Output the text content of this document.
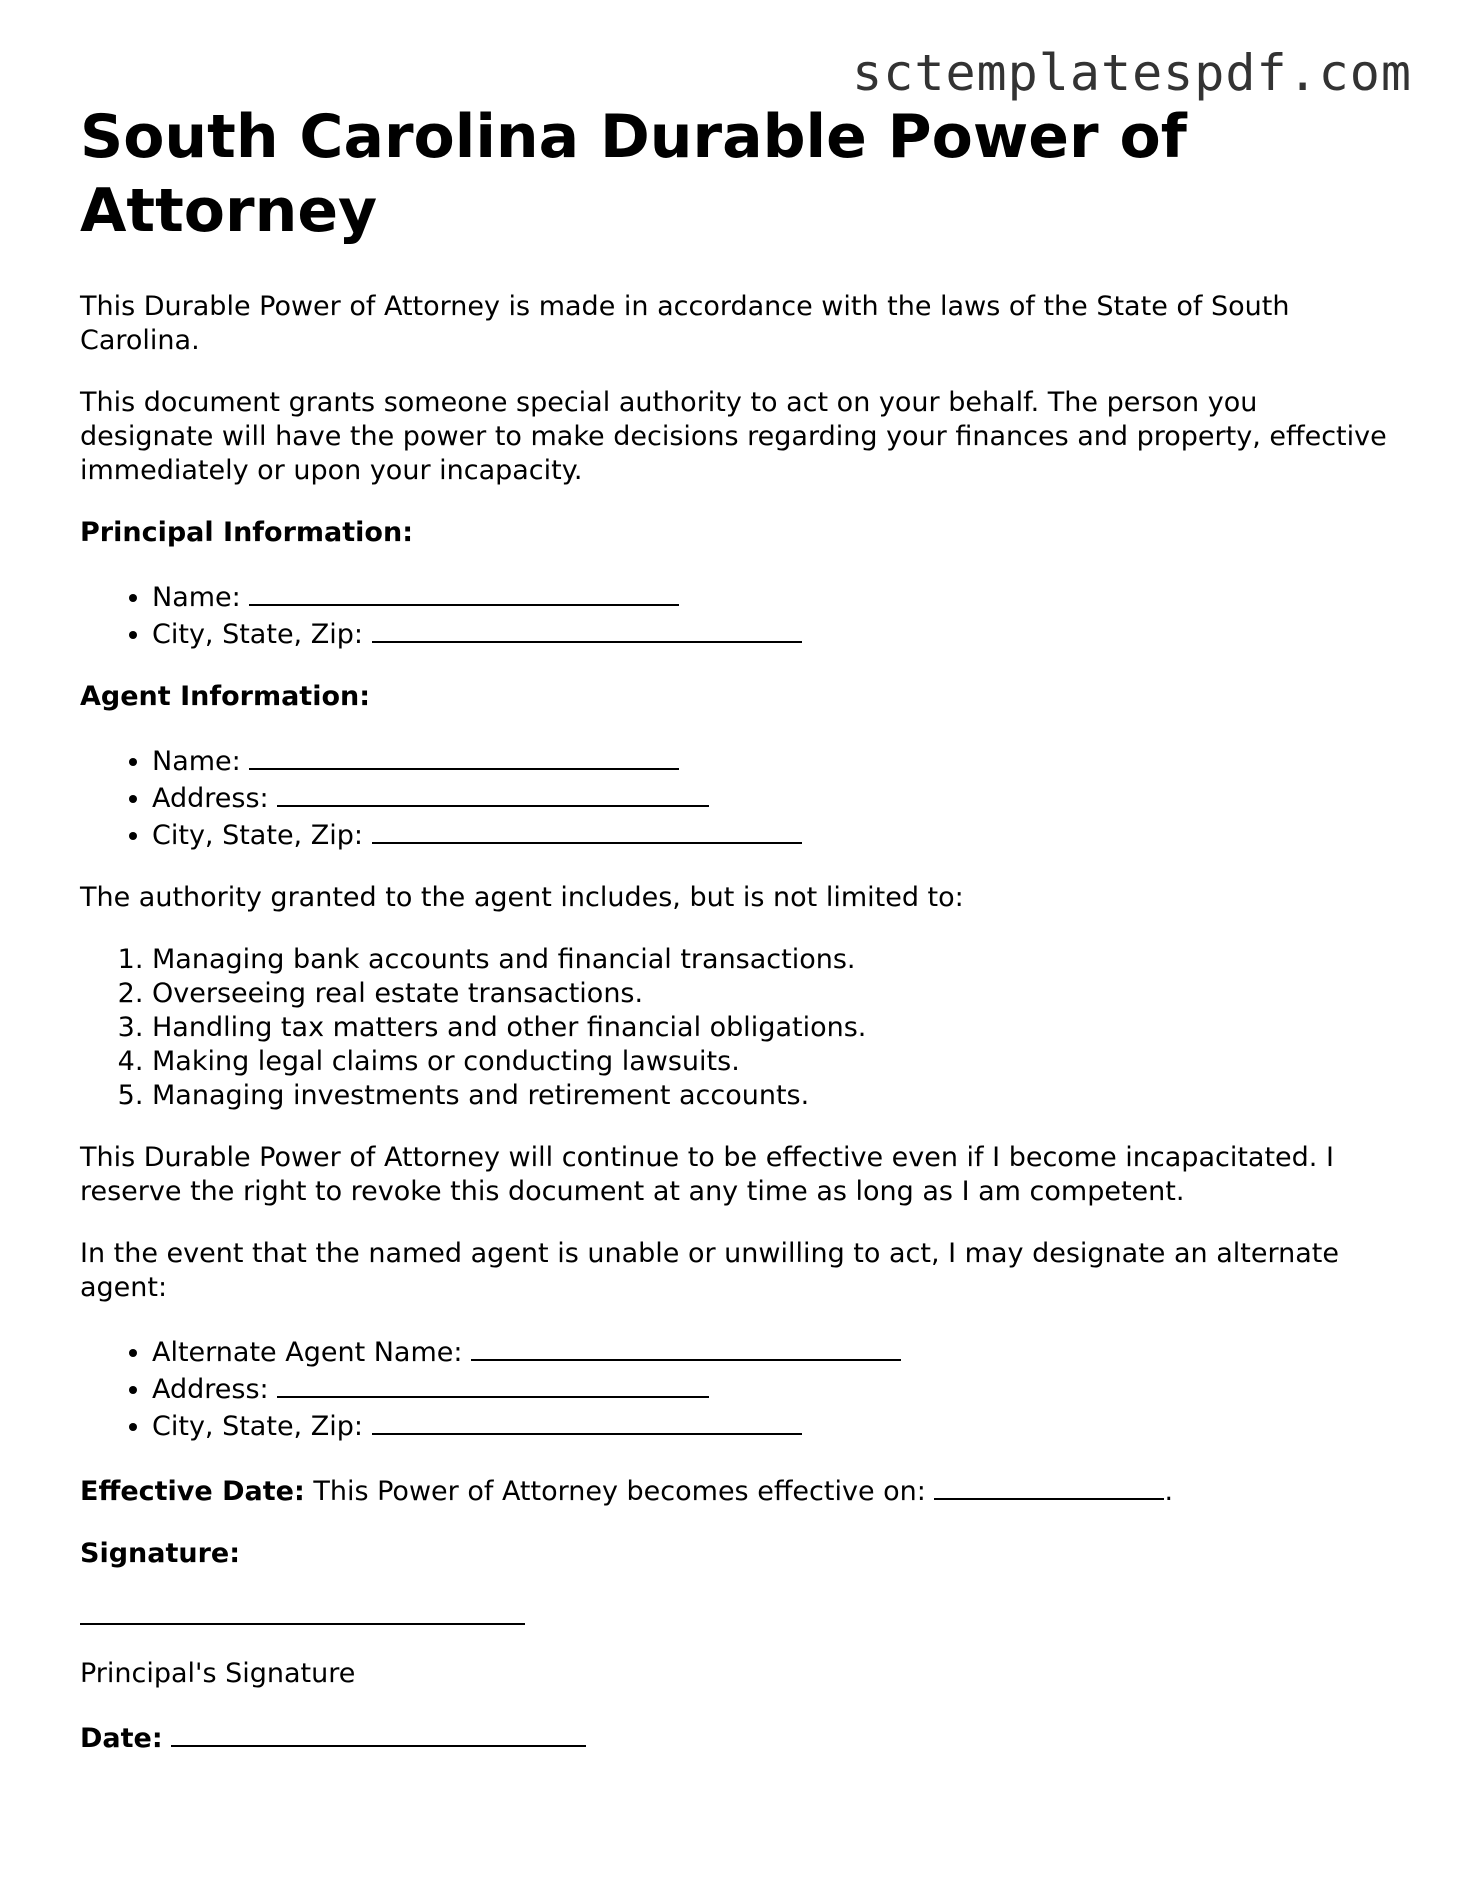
sctemplatespdf.com
South Carolina Durable Power of Attorney

This Durable Power of Attorney is made in accordance with the laws of the State of South Carolina.

This document grants someone special authority to act on your behalf. The person you designate will have the power to make decisions regarding your finances and property, effective immediately or upon your incapacity.

Principal Information:

• Name:
• City, State, Zip:

Agent Information:

• Name:
• Address:
• City, State, Zip:

The authority granted to the agent includes, but is not limited to:

1. Managing bank accounts and financial transactions.
2. Overseeing real estate transactions.
3. Handling tax matters and other financial obligations.
4. Making legal claims or conducting lawsuits.
5. Managing investments and retirement accounts.

This Durable Power of Attorney will continue to be effective even if I become incapacitated. I reserve the right to revoke this document at any time as long as I am competent.

In the event that the named agent is unable or unwilling to act, I may designate an alternate agent:

• Alternate Agent Name:
• Address:
• City, State, Zip:

Effective Date: This Power of Attorney becomes effective on:	.

Signature:

Principal's Signature

Date:
